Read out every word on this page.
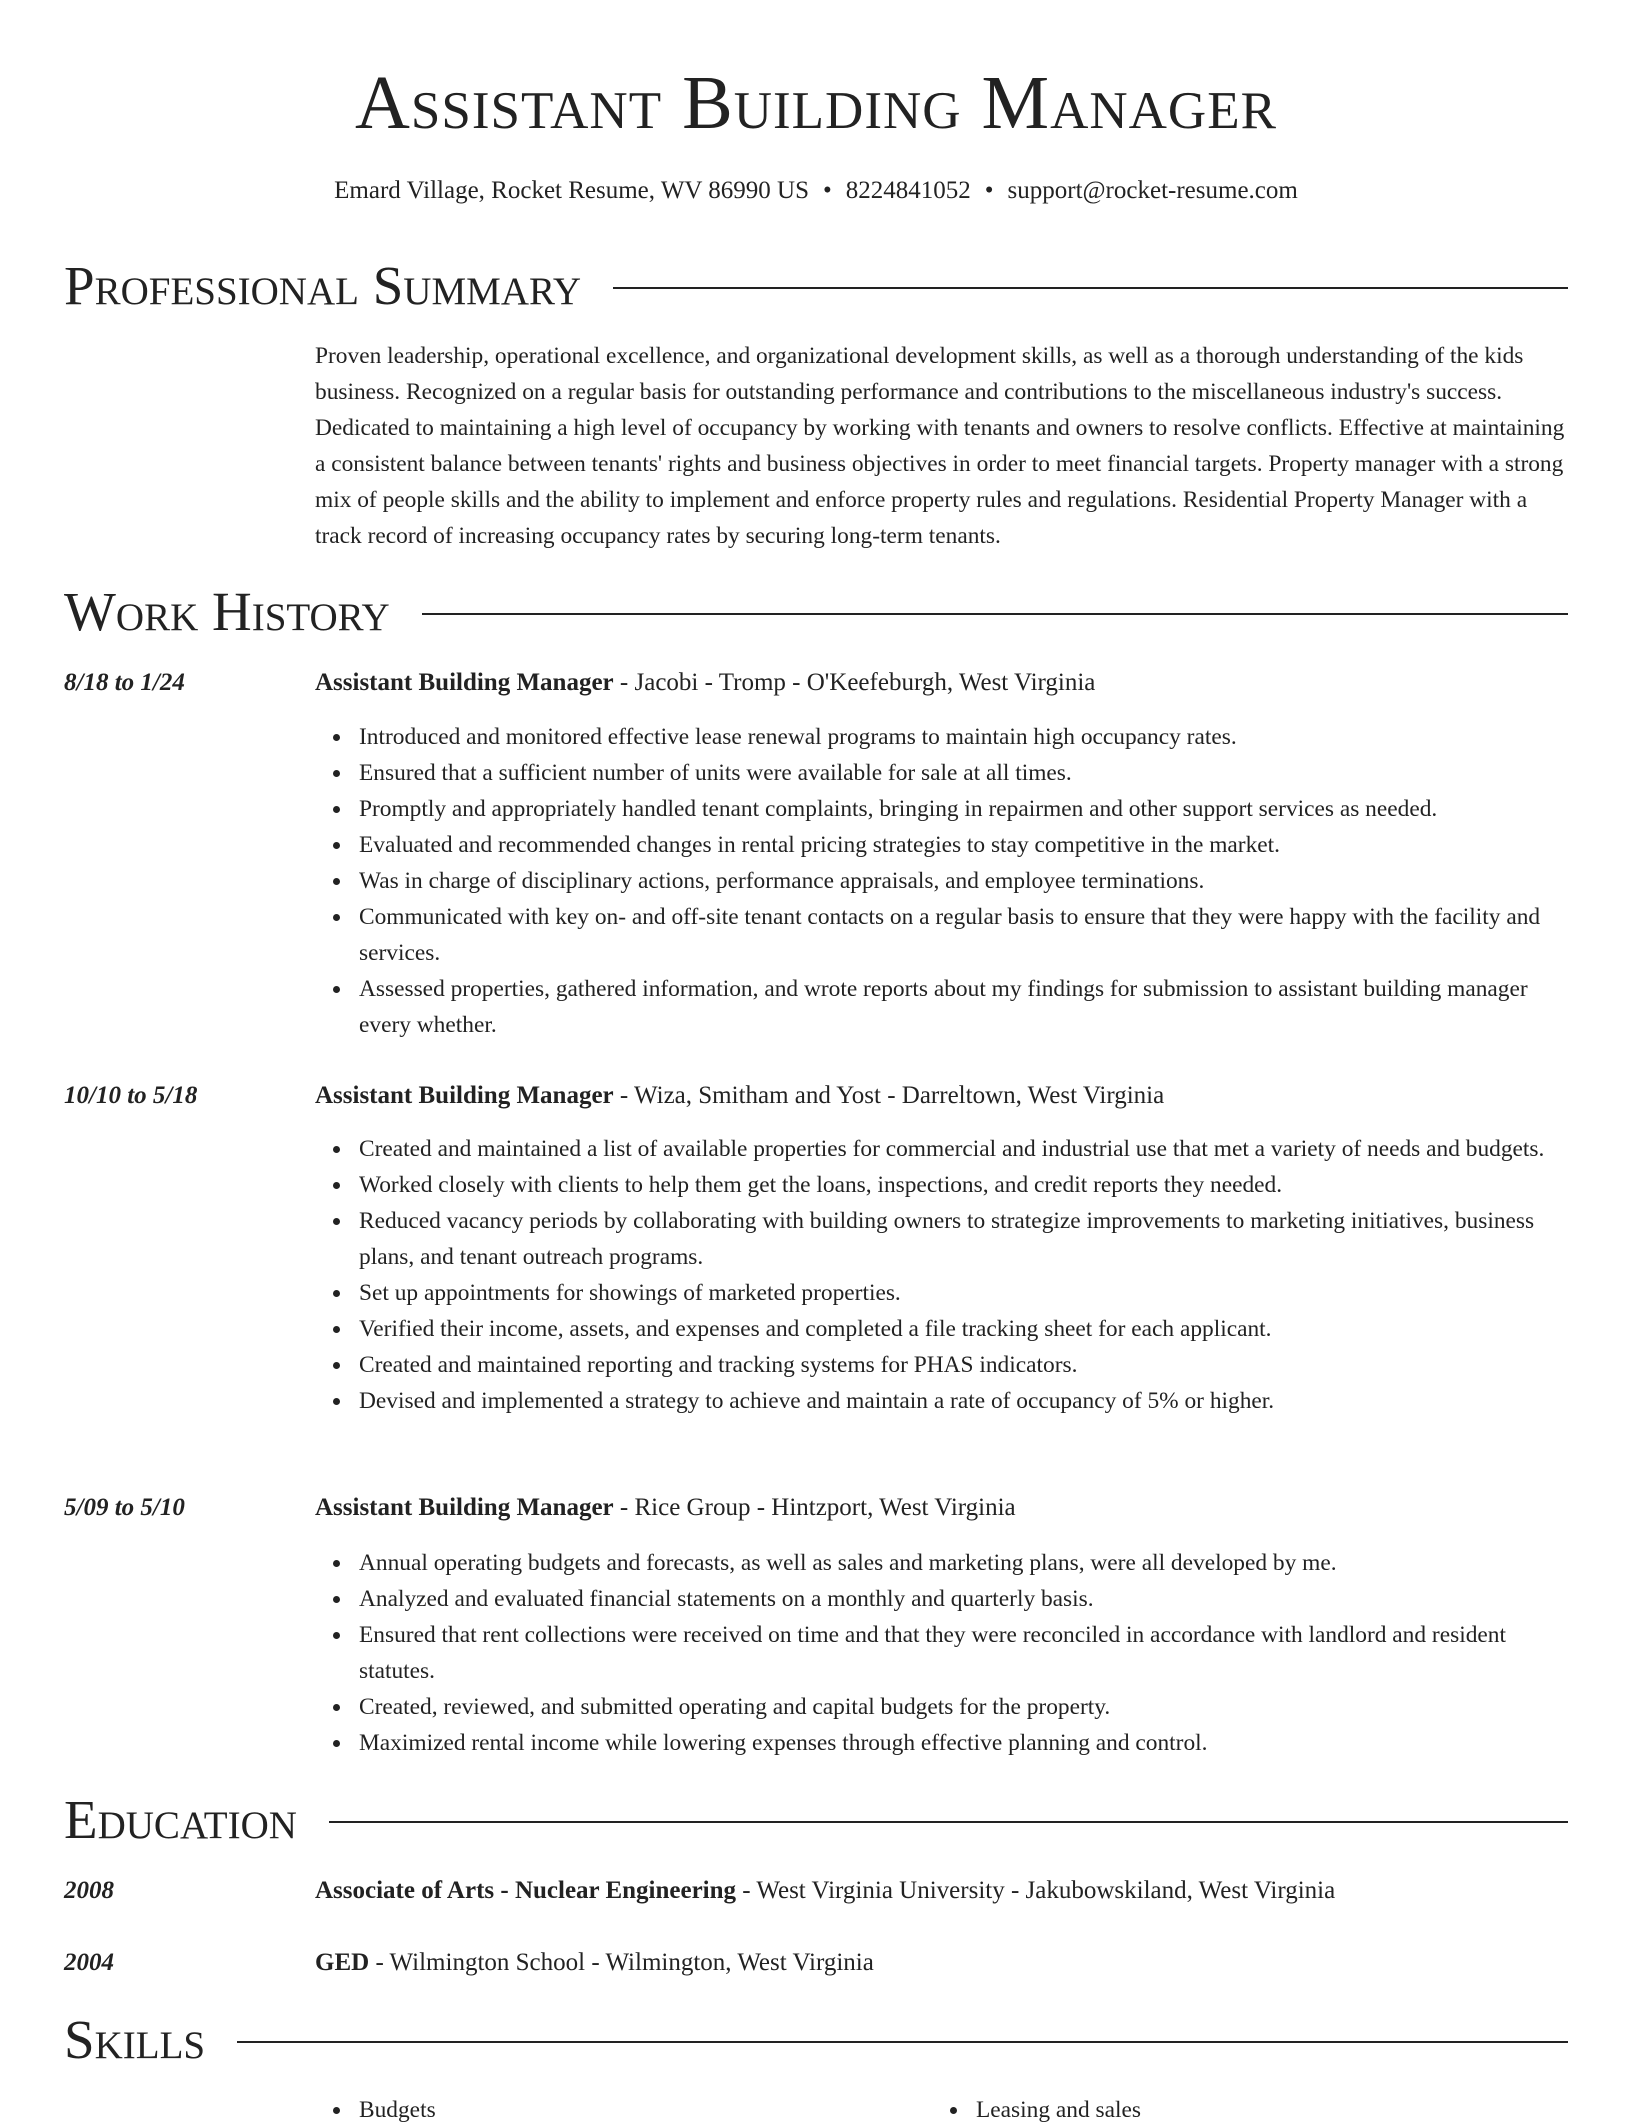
Assistant Building Manager
Emard Village, Rocket Resume, WV 86990 US • 8224841052 • support@rocket-resume.com
Professional Summary

Proven leadership, operational excellence, and organizational development skills, as well as a thorough understanding of the kids business. Recognized on a regular basis for outstanding performance and contributions to the miscellaneous industry's success. Dedicated to maintaining a high level of occupancy by working with tenants and owners to resolve conflicts. Effective at maintaining a consistent balance between tenants' rights and business objectives in order to meet financial targets. Property manager with a strong mix of people skills and the ability to implement and enforce property rules and regulations. Residential Property Manager with a track record of increasing occupancy rates by securing long-term tenants.

Work History
8/18 to 1/24	Assistant Building Manager - Jacobi - Tromp - O'Keefeburgh, West Virginia
Introduced and monitored effective lease renewal programs to maintain high occupancy rates.
Ensured that a sufficient number of units were available for sale at all times.
Promptly and appropriately handled tenant complaints, bringing in repairmen and other support services as needed.
Evaluated and recommended changes in rental pricing strategies to stay competitive in the market.
Was in charge of disciplinary actions, performance appraisals, and employee terminations.
Communicated with key on- and off-site tenant contacts on a regular basis to ensure that they were happy with the facility and services.
Assessed properties, gathered information, and wrote reports about my findings for submission to assistant building manager every whether.
10/10 to 5/18	Assistant Building Manager - Wiza, Smitham and Yost - Darreltown, West Virginia
Created and maintained a list of available properties for commercial and industrial use that met a variety of needs and budgets.
Worked closely with clients to help them get the loans, inspections, and credit reports they needed.
Reduced vacancy periods by collaborating with building owners to strategize improvements to marketing initiatives, business plans, and tenant outreach programs.
Set up appointments for showings of marketed properties.
Verified their income, assets, and expenses and completed a file tracking sheet for each applicant.
Created and maintained reporting and tracking systems for PHAS indicators.
Devised and implemented a strategy to achieve and maintain a rate of occupancy of 5% or higher.
5/09 to 5/10	Assistant Building Manager - Rice Group - Hintzport, West Virginia
Annual operating budgets and forecasts, as well as sales and marketing plans, were all developed by me.
Analyzed and evaluated financial statements on a monthly and quarterly basis.
Ensured that rent collections were received on time and that they were reconciled in accordance with landlord and resident statutes.
Created, reviewed, and submitted operating and capital budgets for the property.
Maximized rental income while lowering expenses through effective planning and control.
Education
2008	Associate of Arts - Nuclear Engineering - West Virginia University - Jakubowskiland, West Virginia
2004	GED - Wilmington School - Wilmington, West Virginia
Skills
Budgets	Leasing and sales
